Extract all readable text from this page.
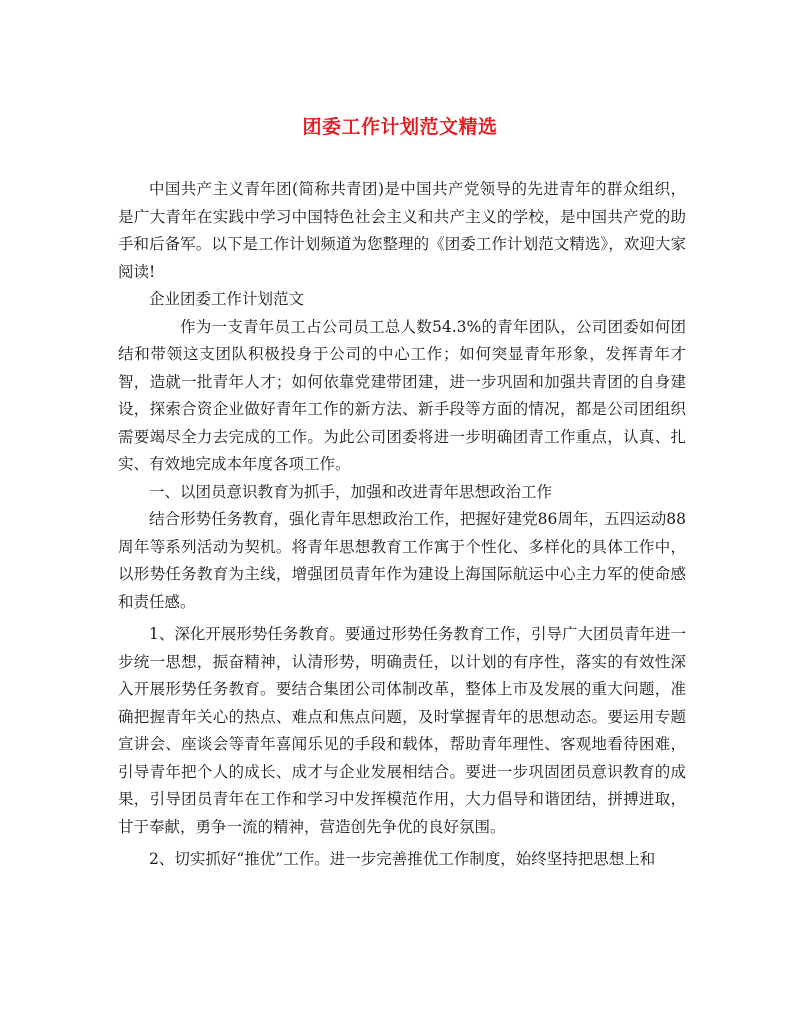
团委工作计划范文精选

中国共产主义青年团(简称共青团)是中国共产党领导的先进青年的群众组织，是广大青年在实践中学习中国特色社会主义和共产主义的学校，是中国共产党的助手和后备军。以下是工作计划频道为您整理的《团委工作计划范文精选》，欢迎大家阅读!

企业团委工作计划范文

作为一支青年员工占公司员工总人数54.3%的青年团队，公司团委如何团结和带领这支团队积极投身于公司的中心工作；如何突显青年形象，发挥青年才智，造就一批青年人才；如何依靠党建带团建，进一步巩固和加强共青团的自身建设，探索合资企业做好青年工作的新方法、新手段等方面的情况，都是公司团组织需要竭尽全力去完成的工作。为此公司团委将进一步明确团青工作重点，认真、扎实、有效地完成本年度各项工作。

一、以团员意识教育为抓手，加强和改进青年思想政治工作

结合形势任务教育，强化青年思想政治工作，把握好建党86周年，五四运动88周年等系列活动为契机。将青年思想教育工作寓于个性化、多样化的具体工作中，以形势任务教育为主线，增强团员青年作为建设上海国际航运中心主力军的使命感和责任感。

1、深化开展形势任务教育。要通过形势任务教育工作，引导广大团员青年进一步统一思想，振奋精神，认清形势，明确责任，以计划的有序性，落实的有效性深入开展形势任务教育。要结合集团公司体制改革，整体上市及发展的重大问题，准确把握青年关心的热点、难点和焦点问题，及时掌握青年的思想动态。要运用专题宣讲会、座谈会等青年喜闻乐见的手段和载体，帮助青年理性、客观地看待困难，引导青年把个人的成长、成才与企业发展相结合。要进一步巩固团员意识教育的成果，引导团员青年在工作和学习中发挥模范作用，大力倡导和谐团结，拼搏进取，甘于奉献，勇争一流的精神，营造创先争优的良好氛围。

2、切实抓好“推优”工作。进一步完善推优工作制度，始终坚持把思想上和
